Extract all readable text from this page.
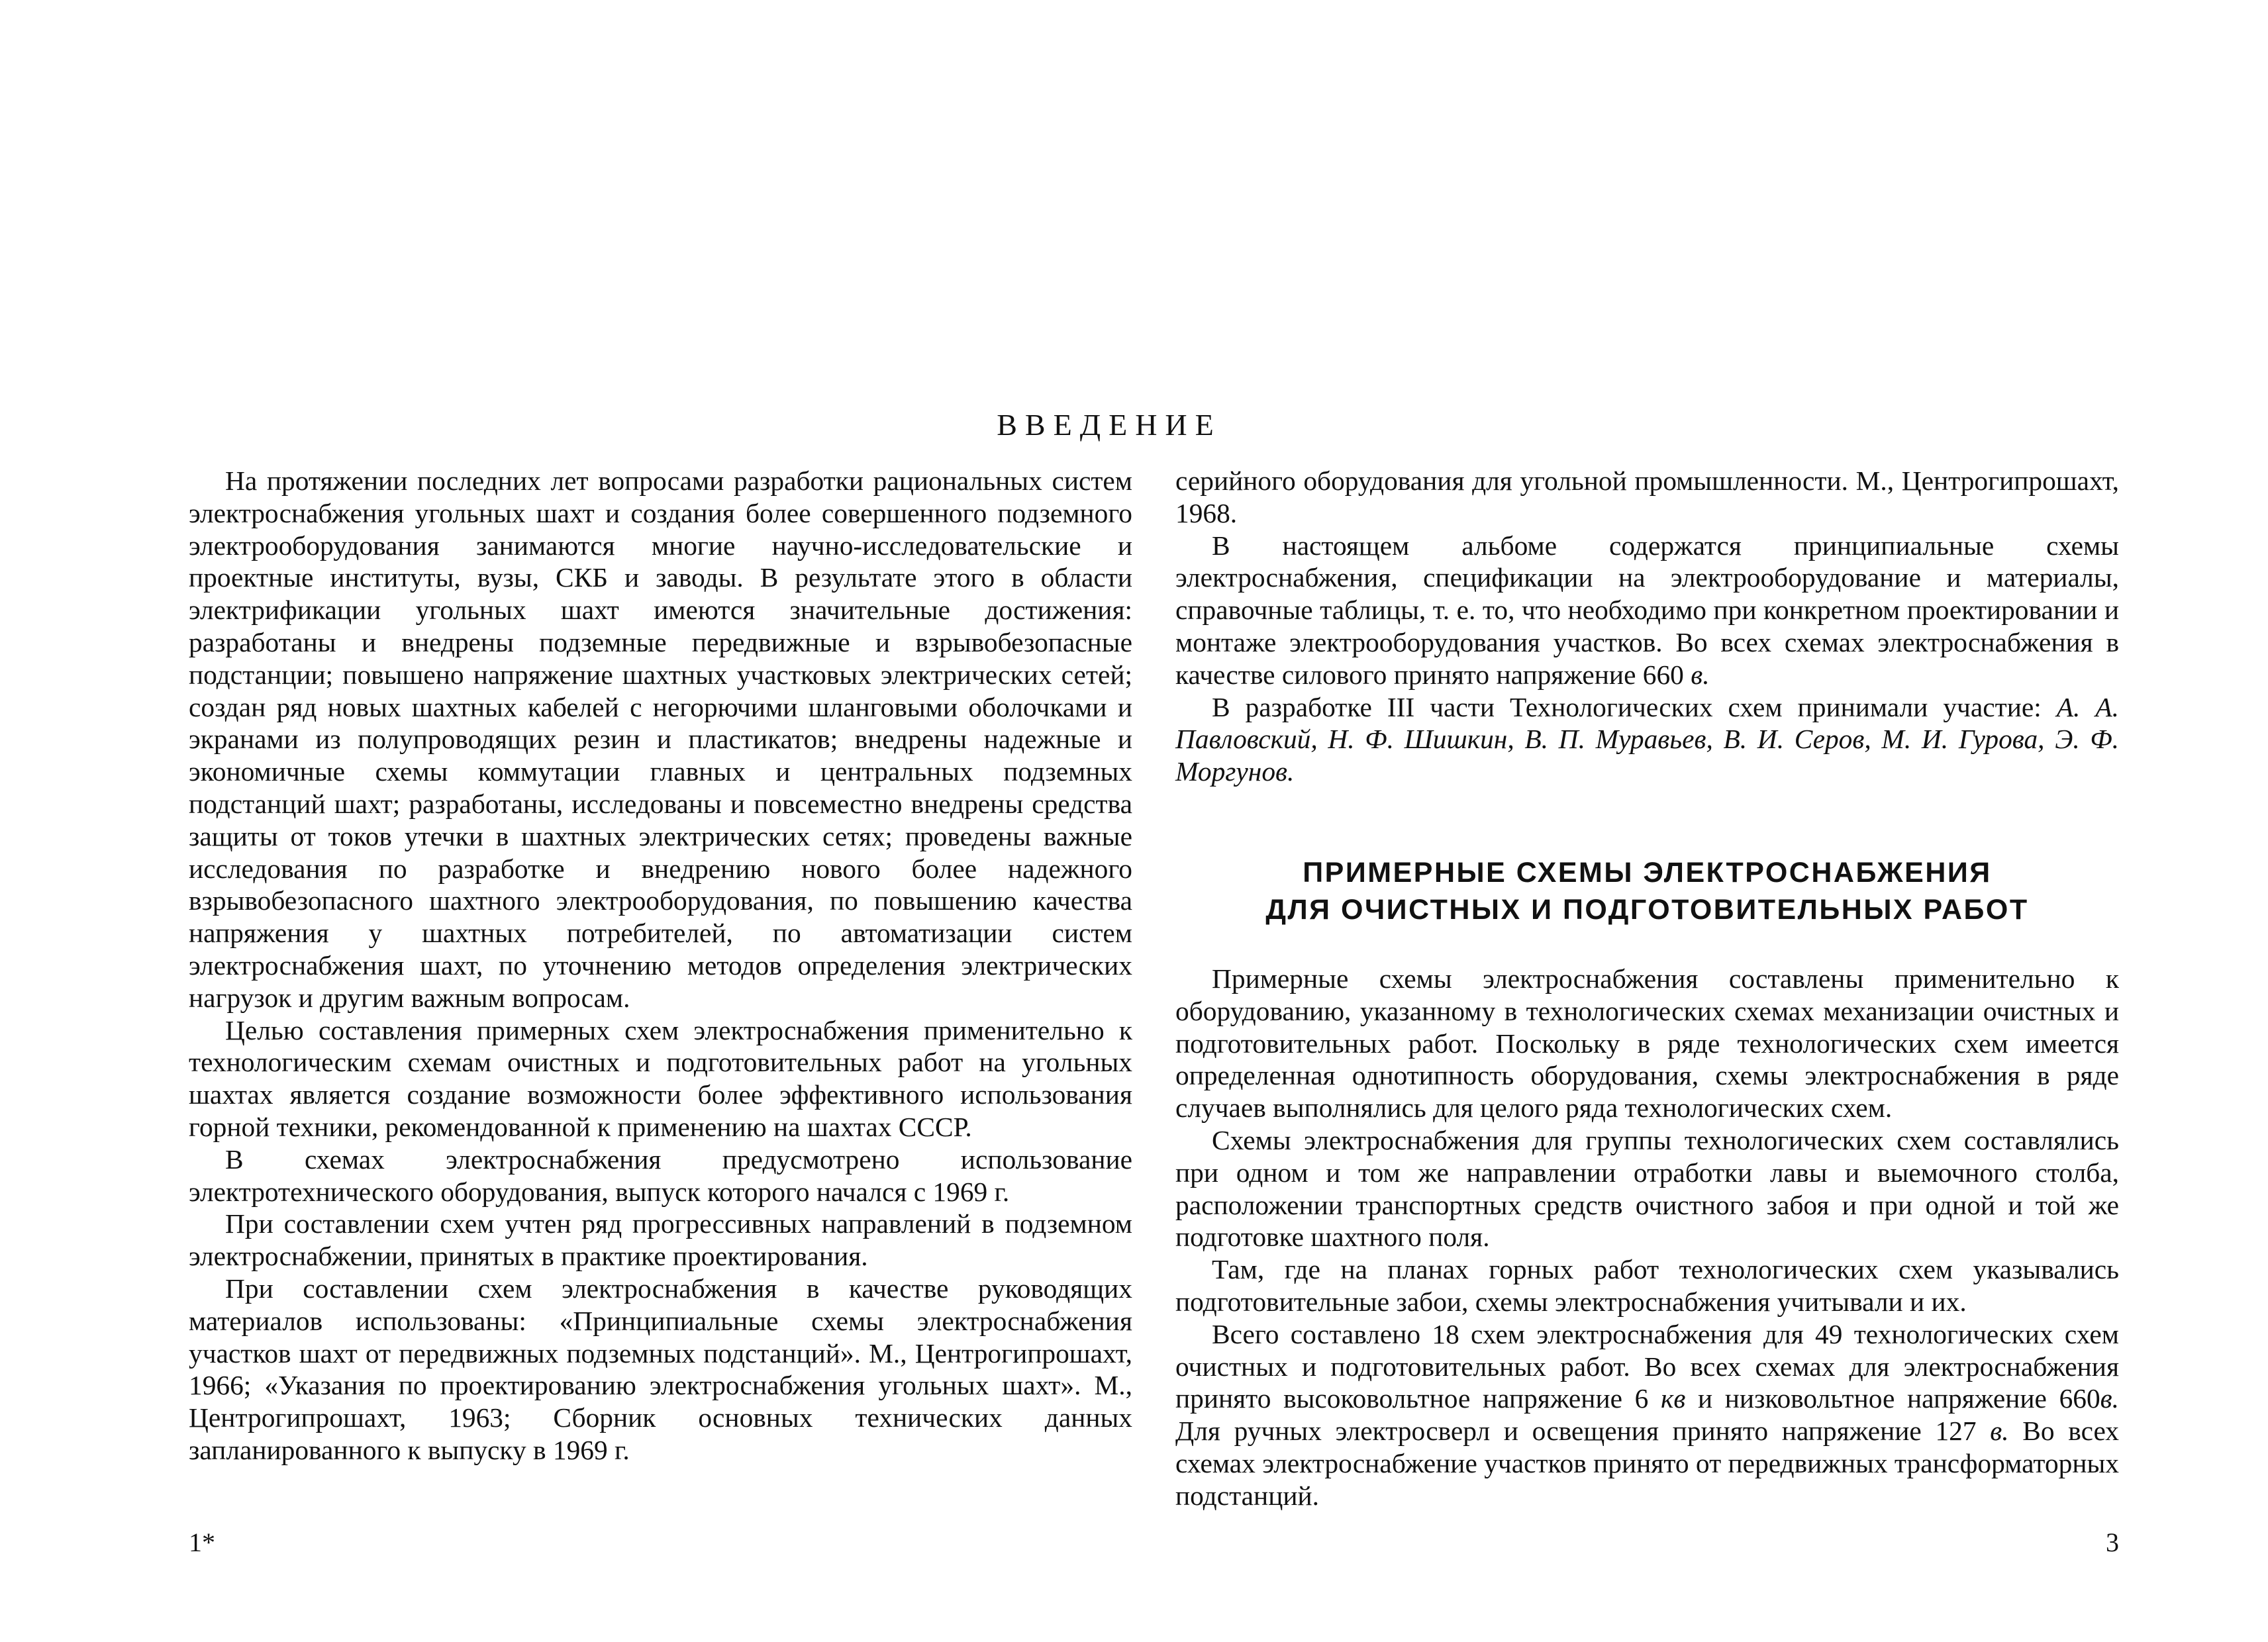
ВВЕДЕНИЕ

На протяжении последних лет вопросами разработки рациональных систем электроснабжения угольных шахт и создания более совершенного подземного электрооборудования занимаются многие научно-исследовательские и проектные институты, вузы, СКБ и заводы. В результате этого в области электрификации угольных шахт имеются значительные достижения: разработаны и внедрены подземные передвижные и взрывобезопасные подстанции; повышено напряжение шахтных участковых электрических сетей; создан ряд новых шахтных кабелей с негорючими шланговыми оболочками и экранами из полупроводящих резин и пластикатов; внедрены надежные и экономичные схемы коммутации главных и центральных подземных подстанций шахт; разработаны, исследованы и повсеместно внедрены средства защиты от токов утечки в шахтных электрических сетях; проведены важные исследования по разработке и внедрению нового более надежного взрывобезопасного шахтного электрооборудования, по повышению качества напряжения у шахтных потребителей, по автоматизации систем электроснабжения шахт, по уточнению методов определения электрических нагрузок и другим важным вопросам.

Целью составления примерных схем электроснабжения применительно к технологическим схемам очистных и подготовительных работ на угольных шахтах является создание возможности более эффективного использования горной техники, рекомендованной к применению на шахтах СССР.

В схемах электроснабжения предусмотрено использование электротехнического оборудования, выпуск которого начался с 1969 г.

При составлении схем учтен ряд прогрессивных направлений в подземном электроснабжении, принятых в практике проектирования.

При составлении схем электроснабжения в качестве руководящих материалов использованы: «Принципиальные схемы электроснабжения участков шахт от передвижных подземных подстанций». М., Центрогипрошахт, 1966; «Указания по проектированию электроснабжения угольных шахт». М., Центрогипрошахт, 1963; Сборник основных технических данных запланированного к выпуску в 1969 г.

серийного оборудования для угольной промышленности. М., Центрогипрошахт, 1968.

В настоящем альбоме содержатся принципиальные схемы электроснабжения, спецификации на электрооборудование и материалы, справочные таблицы, т. е. то, что необходимо при конкретном проектировании и монтаже электрооборудования участков. Во всех схемах электроснабжения в качестве силового принято напряжение 660 в.

В разработке III части Технологических схем принимали участие: А. А. Павловский, Н. Ф. Шишкин, В. П. Муравьев, В. И. Серов, М. И. Гурова, Э. Ф. Моргунов.

ПРИМЕРНЫЕ СХЕМЫ ЭЛЕКТРОСНАБЖЕНИЯ
ДЛЯ ОЧИСТНЫХ И ПОДГОТОВИТЕЛЬНЫХ РАБОТ

Примерные схемы электроснабжения составлены применительно к оборудованию, указанному в технологических схемах механизации очистных и подготовительных работ. Поскольку в ряде технологических схем имеется определенная однотипность оборудования, схемы электроснабжения в ряде случаев выполнялись для целого ряда технологических схем.

Схемы электроснабжения для группы технологических схем составлялись при одном и том же направлении отработки лавы и выемочного столба, расположении транспортных средств очистного забоя и при одной и той же подготовке шахтного поля.

Там, где на планах горных работ технологических схем указывались подготовительные забои, схемы электроснабжения учитывали и их.

Всего составлено 18 схем электроснабжения для 49 технологических схем очистных и подготовительных работ. Во всех схемах для электроснабжения принято высоковольтное напряжение 6 кв и низковольтное напряжение 660в. Для ручных электросверл и освещения принято напряжение 127 в. Во всех схемах электроснабжение участков принято от передвижных трансформаторных подстанций.

1*	3
